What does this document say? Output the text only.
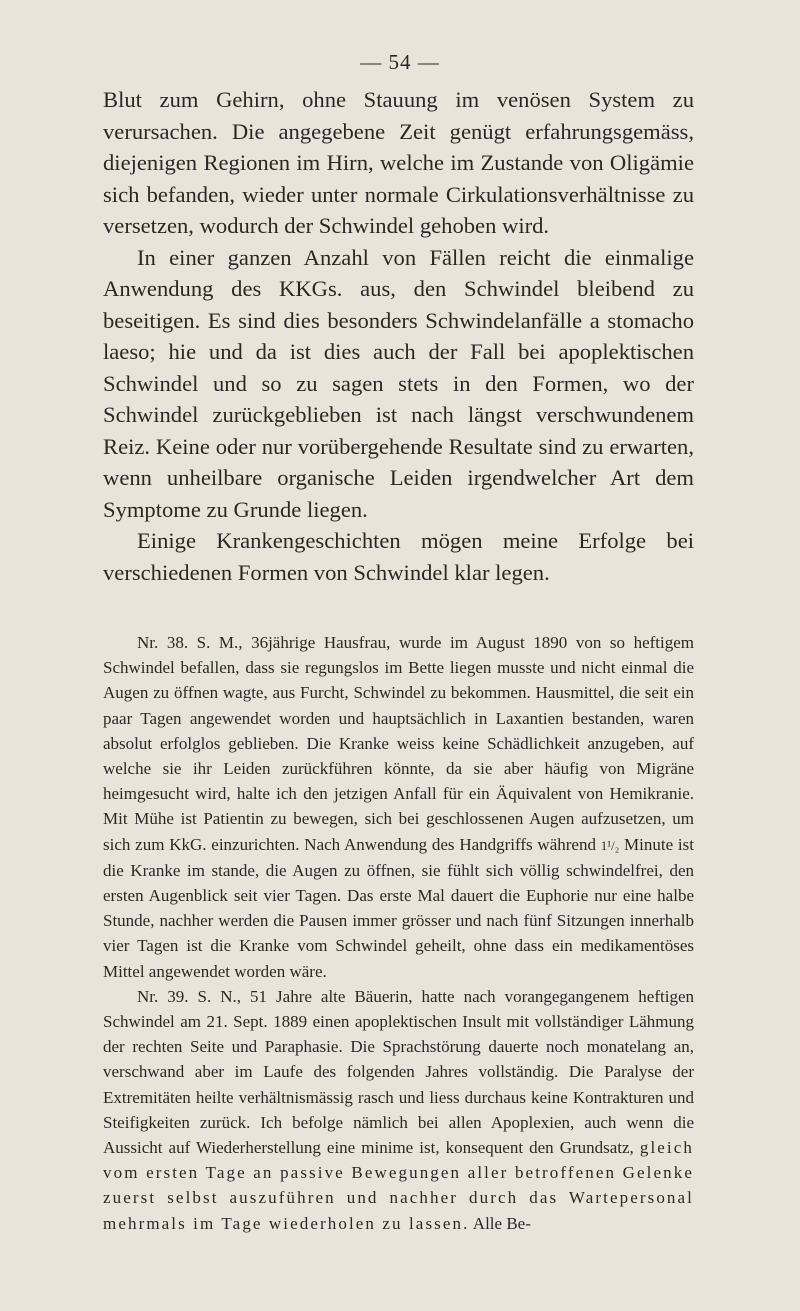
— 54 —

Blut zum Gehirn, ohne Stauung im venösen System zu verursachen. Die angegebene Zeit genügt erfahrungsgemäss, diejenigen Regionen im Hirn, welche im Zustande von Oligämie sich befanden, wieder unter normale Cirkulationsverhältnisse zu versetzen, wodurch der Schwindel gehoben wird.

In einer ganzen Anzahl von Fällen reicht die einmalige Anwendung des KKGs. aus, den Schwindel bleibend zu beseitigen. Es sind dies besonders Schwindelanfälle a stomacho laeso; hie und da ist dies auch der Fall bei apoplektischen Schwindel und so zu sagen stets in den Formen, wo der Schwindel zurückgeblieben ist nach längst verschwundenem Reiz. Keine oder nur vorübergehende Resultate sind zu erwarten, wenn unheilbare organische Leiden irgendwelcher Art dem Symptome zu Grunde liegen.

Einige Krankengeschichten mögen meine Erfolge bei verschiedenen Formen von Schwindel klar legen.

Nr. 38. S. M., 36jährige Hausfrau, wurde im August 1890 von so heftigem Schwindel befallen, dass sie regungslos im Bette liegen musste und nicht einmal die Augen zu öffnen wagte, aus Furcht, Schwindel zu bekommen. Hausmittel, die seit ein paar Tagen angewendet worden und hauptsächlich in Laxantien bestanden, waren absolut erfolglos geblieben. Die Kranke weiss keine Schädlichkeit anzugeben, auf welche sie ihr Leiden zurückführen könnte, da sie aber häufig von Migräne heimgesucht wird, halte ich den jetzigen Anfall für ein Äquivalent von Hemikranie. Mit Mühe ist Patientin zu bewegen, sich bei geschlossenen Augen aufzusetzen, um sich zum KkG. einzurichten. Nach Anwendung des Handgriffs während 1¹/₂ Minute ist die Kranke im stande, die Augen zu öffnen, sie fühlt sich völlig schwindelfrei, den ersten Augenblick seit vier Tagen. Das erste Mal dauert die Euphorie nur eine halbe Stunde, nachher werden die Pausen immer grösser und nach fünf Sitzungen innerhalb vier Tagen ist die Kranke vom Schwindel geheilt, ohne dass ein medikamentöses Mittel angewendet worden wäre.

Nr. 39. S. N., 51 Jahre alte Bäuerin, hatte nach vorangegangenem heftigen Schwindel am 21. Sept. 1889 einen apoplektischen Insult mit vollständiger Lähmung der rechten Seite und Paraphasie. Die Sprachstörung dauerte noch monatelang an, verschwand aber im Laufe des folgenden Jahres vollständig. Die Paralyse der Extremitäten heilte verhältnismässig rasch und liess durchaus keine Kontrakturen und Steifigkeiten zurück. Ich befolge nämlich bei allen Apoplexien, auch wenn die Aussicht auf Wiederherstellung eine minime ist, konsequent den Grundsatz, gleich vom ersten Tage an passive Bewegungen aller betroffenen Gelenke zuerst selbst auszuführen und nachher durch das Wartepersonal mehrmals im Tage wiederholen zu lassen. Alle Be-
